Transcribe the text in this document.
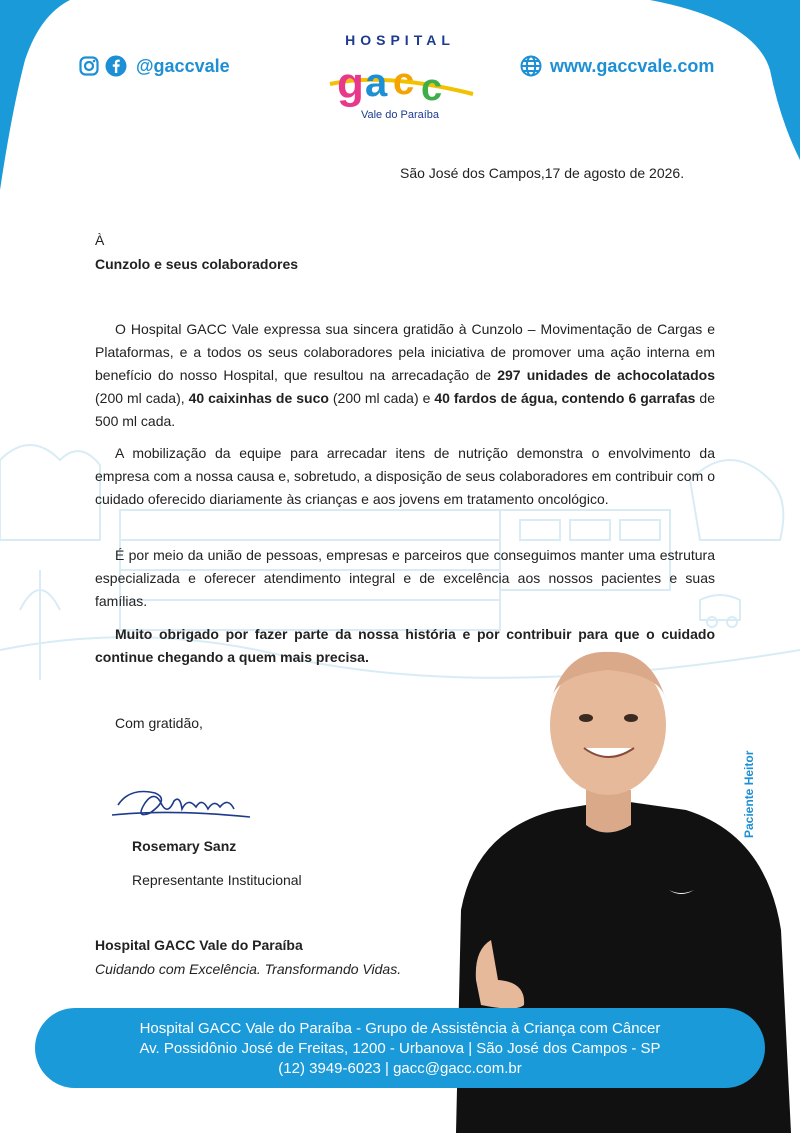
@gaccvale
HOSPITAL
g a c c
Vale do Paraíba
www.gaccvale.com
São José dos Campos,17 de agosto de 2026.
À
Cunzolo e seus colaboradores

O Hospital GACC Vale expressa sua sincera gratidão à Cunzolo – Movimentação de Cargas e Plataformas, e a todos os seus colaboradores pela iniciativa de promover uma ação interna em benefício do nosso Hospital, que resultou na arrecadação de 297 unidades de achocolatados (200 ml cada), 40 caixinhas de suco (200 ml cada) e 40 fardos de água, contendo 6 garrafas de 500 ml cada.

A mobilização da equipe para arrecadar itens de nutrição demonstra o envolvimento da empresa com a nossa causa e, sobretudo, a disposição de seus colaboradores em contribuir com o cuidado oferecido diariamente às crianças e aos jovens em tratamento oncológico.

É por meio da união de pessoas, empresas e parceiros que conseguimos manter uma estrutura especializada e oferecer atendimento integral e de excelência aos nossos pacientes e suas famílias.

Muito obrigado por fazer parte da nossa história e por contribuir para que o cuidado continue chegando a quem mais precisa.

Com gratidão,
Rosemary Sanz
Representante Institucional
Hospital GACC Vale do Paraíba
Cuidando com Excelência. Transformando Vidas.
Paciente Heitor
Hospital GACC Vale do Paraíba - Grupo de Assistência à Criança com Câncer
Av. Possidônio José de Freitas, 1200 - Urbanova | São José dos Campos - SP
(12) 3949-6023 | gacc@gacc.com.br
